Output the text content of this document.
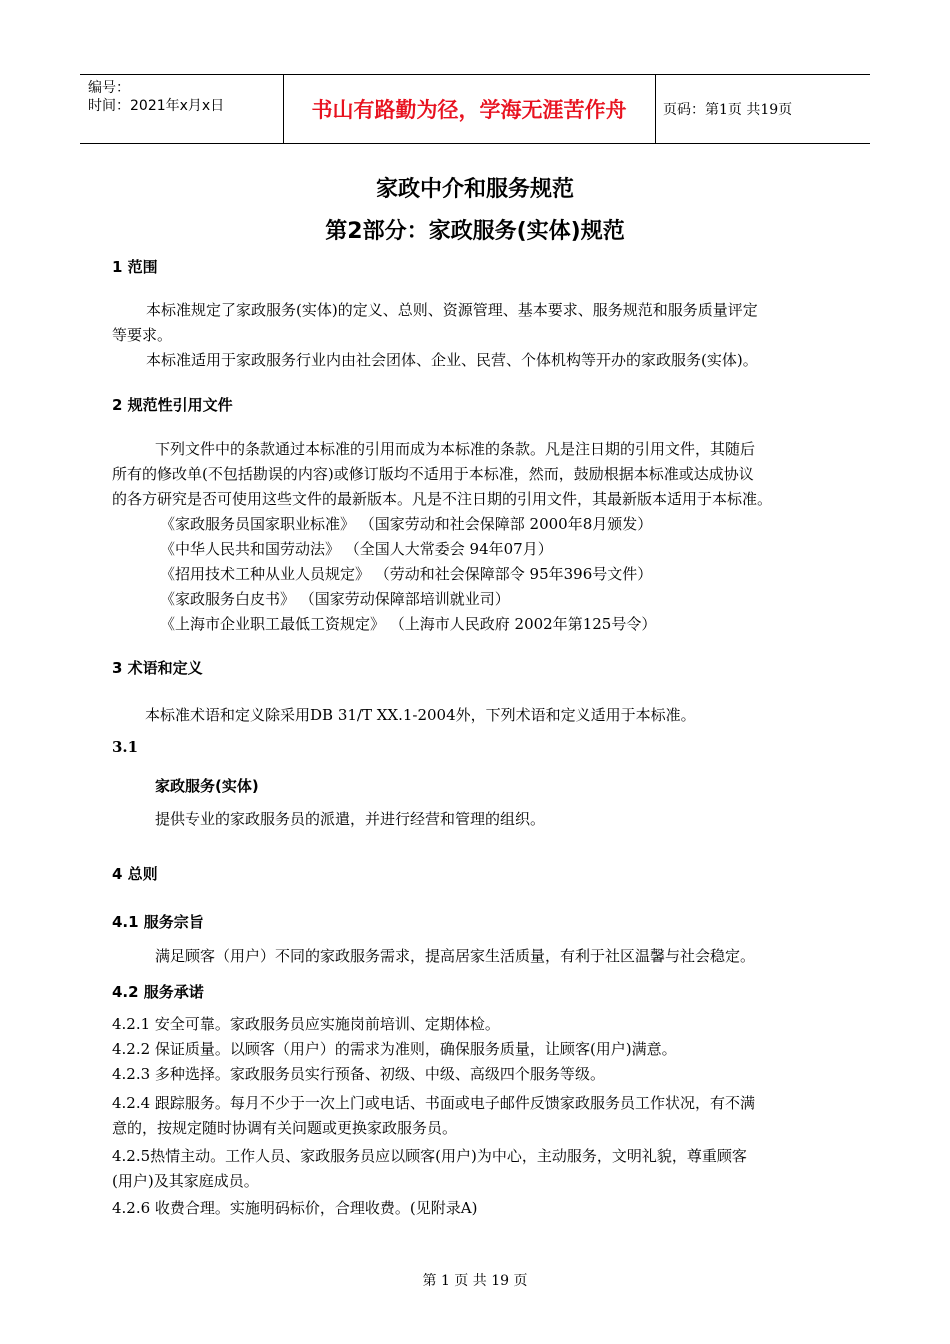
编号：
时间：2021年x月x日	书山有路勤为径，学海无涯苦作舟	页码：第1页 共19页
家政中介和服务规范
第2部分：家政服务(实体)规范
1 范围
本标准规定了家政服务(实体)的定义、总则、资源管理、基本要求、服务规范和服务质量评定
等要求。
本标准适用于家政服务行业内由社会团体、企业、民营、个体机构等开办的家政服务(实体)。
2 规范性引用文件
下列文件中的条款通过本标准的引用而成为本标准的条款。凡是注日期的引用文件，其随后
所有的修改单(不包括勘误的内容)或修订版均不适用于本标准，然而，鼓励根据本标准或达成协议
的各方研究是否可使用这些文件的最新版本。凡是不注日期的引用文件，其最新版本适用于本标准。
《家政服务员国家职业标准》 （国家劳动和社会保障部 2000年8月颁发）
《中华人民共和国劳动法》 （全国人大常委会 94年07月）
《招用技术工种从业人员规定》 （劳动和社会保障部令 95年396号文件）
《家政服务白皮书》 （国家劳动保障部培训就业司）
《上海市企业职工最低工资规定》 （上海市人民政府 2002年第125号令）
3 术语和定义
本标准术语和定义除采用DB 31/T XX.1-2004外，下列术语和定义适用于本标准。
3.1
家政服务(实体)
提供专业的家政服务员的派遣，并进行经营和管理的组织。
4 总则
4.1 服务宗旨
满足顾客（用户）不同的家政服务需求，提高居家生活质量，有利于社区温馨与社会稳定。
4.2 服务承诺
4.2.1 安全可靠。家政服务员应实施岗前培训、定期体检。
4.2.2 保证质量。以顾客（用户）的需求为准则，确保服务质量，让顾客(用户)满意。
4.2.3 多种选择。家政服务员实行预备、初级、中级、高级四个服务等级。
4.2.4 跟踪服务。每月不少于一次上门或电话、书面或电子邮件反馈家政服务员工作状况，有不满
意的，按规定随时协调有关问题或更换家政服务员。
4.2.5热情主动。工作人员、家政服务员应以顾客(用户)为中心，主动服务，文明礼貌，尊重顾客
(用户)及其家庭成员。
4.2.6 收费合理。实施明码标价，合理收费。(见附录A)
第 1 页 共 19 页
